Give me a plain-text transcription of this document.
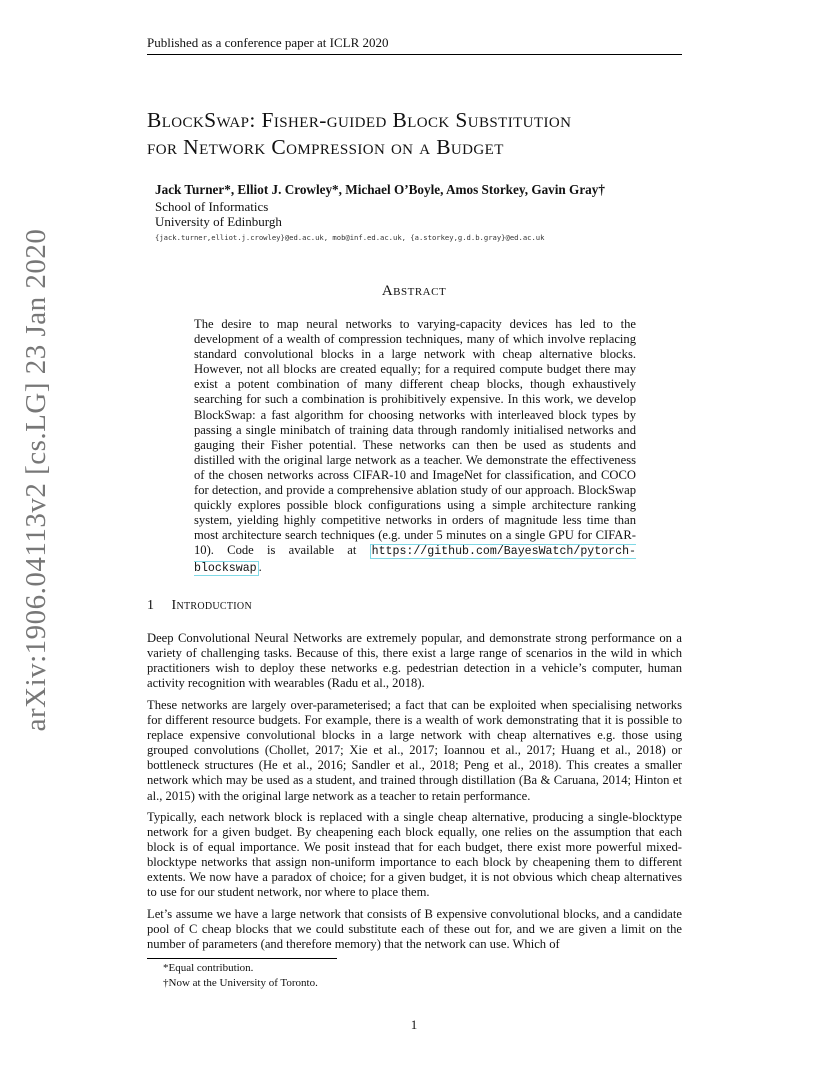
Published as a conference paper at ICLR 2020
arXiv:1906.04113v2 [cs.LG] 23 Jan 2020
BlockSwap: Fisher-guided Block Substitution
for Network Compression on a Budget
Jack Turner*, Elliot J. Crowley*, Michael O’Boyle, Amos Storkey, Gavin Gray†
School of Informatics
University of Edinburgh
{jack.turner,elliot.j.crowley}@ed.ac.uk, mob@inf.ed.ac.uk, {a.storkey,g.d.b.gray}@ed.ac.uk
Abstract
The desire to map neural networks to varying-capacity devices has led to the development of a wealth of compression techniques, many of which involve replacing standard convolutional blocks in a large network with cheap alternative blocks. However, not all blocks are created equally; for a required compute budget there may exist a potent combination of many different cheap blocks, though exhaustively searching for such a combination is prohibitively expensive. In this work, we develop BlockSwap: a fast algorithm for choosing networks with interleaved block types by passing a single minibatch of training data through randomly initialised networks and gauging their Fisher potential. These networks can then be used as students and distilled with the original large network as a teacher. We demonstrate the effectiveness of the chosen networks across CIFAR-10 and ImageNet for classification, and COCO for detection, and provide a comprehensive ablation study of our approach. BlockSwap quickly explores possible block configurations using a simple architecture ranking system, yielding highly competitive networks in orders of magnitude less time than most architecture search techniques (e.g. under 5 minutes on a single GPU for CIFAR-10). Code is available at https://github.com/BayesWatch/pytorch-blockswap .
1 Introduction
Deep Convolutional Neural Networks are extremely popular, and demonstrate strong performance on a variety of challenging tasks. Because of this, there exist a large range of scenarios in the wild in which practitioners wish to deploy these networks e.g. pedestrian detection in a vehicle’s computer, human activity recognition with wearables (Radu et al., 2018).
These networks are largely over-parameterised; a fact that can be exploited when specialising networks for different resource budgets. For example, there is a wealth of work demonstrating that it is possible to replace expensive convolutional blocks in a large network with cheap alternatives e.g. those using grouped convolutions (Chollet, 2017; Xie et al., 2017; Ioannou et al., 2017; Huang et al., 2018) or bottleneck structures (He et al., 2016; Sandler et al., 2018; Peng et al., 2018). This creates a smaller network which may be used as a student, and trained through distillation (Ba & Caruana, 2014; Hinton et al., 2015) with the original large network as a teacher to retain performance.
Typically, each network block is replaced with a single cheap alternative, producing a single-blocktype network for a given budget. By cheapening each block equally, one relies on the assumption that each block is of equal importance. We posit instead that for each budget, there exist more powerful mixed-blocktype networks that assign non-uniform importance to each block by cheapening them to different extents. We now have a paradox of choice; for a given budget, it is not obvious which cheap alternatives to use for our student network, nor where to place them.
Let’s assume we have a large network that consists of B expensive convolutional blocks, and a candidate pool of C cheap blocks that we could substitute each of these out for, and we are given a limit on the number of parameters (and therefore memory) that the network can use. Which of
*Equal contribution.
†Now at the University of Toronto.
1
